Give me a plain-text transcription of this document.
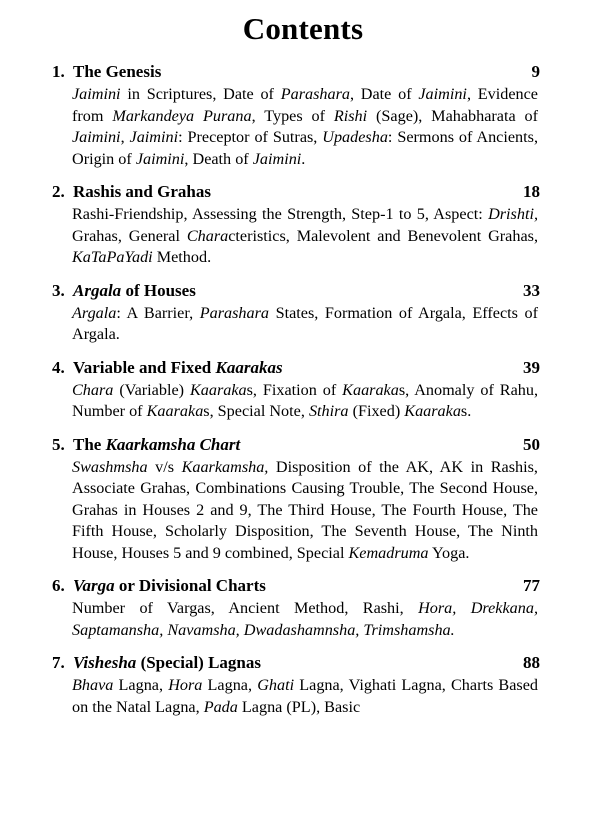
Contents
1. The Genesis	9
Jaimini in Scriptures, Date of Parashara, Date of Jaimini, Evidence from Markandeya Purana, Types of Rishi (Sage), Mahabharata of Jaimini, Jaimini: Preceptor of Sutras, Upadesha: Sermons of Ancients, Origin of Jaimini, Death of Jaimini.
2. Rashis and Grahas	18
Rashi-Friendship, Assessing the Strength, Step-1 to 5, Aspect: Drishti, Grahas, General Characteristics, Malevolent and Benevolent Grahas, KaTaPaYadi Method.
3. Argala of Houses	33
Argala: A Barrier, Parashara States, Formation of Argala, Effects of Argala.
4. Variable and Fixed Kaarakas	39
Chara (Variable) Kaarakas, Fixation of Kaarakas, Anomaly of Rahu, Number of Kaarakas, Special Note, Sthira (Fixed) Kaarakas.
5. The Kaarkamsha Chart	50
Swashmsha v/s Kaarkamsha, Disposition of the AK, AK in Rashis, Associate Grahas, Combinations Causing Trouble, The Second House, Grahas in Houses 2 and 9, The Third House, The Fourth House, The Fifth House, Scholarly Disposition, The Seventh House, The Ninth House, Houses 5 and 9 combined, Special Kemadruma Yoga.
6. Varga or Divisional Charts	77
Number of Vargas, Ancient Method, Rashi, Hora, Drekkana, Saptamansha, Navamsha, Dwadashamnsha, Trimshamsha.
7. Vishesha (Special) Lagnas	88
Bhava Lagna, Hora Lagna, Ghati Lagna, Vighati Lagna, Charts Based on the Natal Lagna, Pada Lagna (PL), Basic
